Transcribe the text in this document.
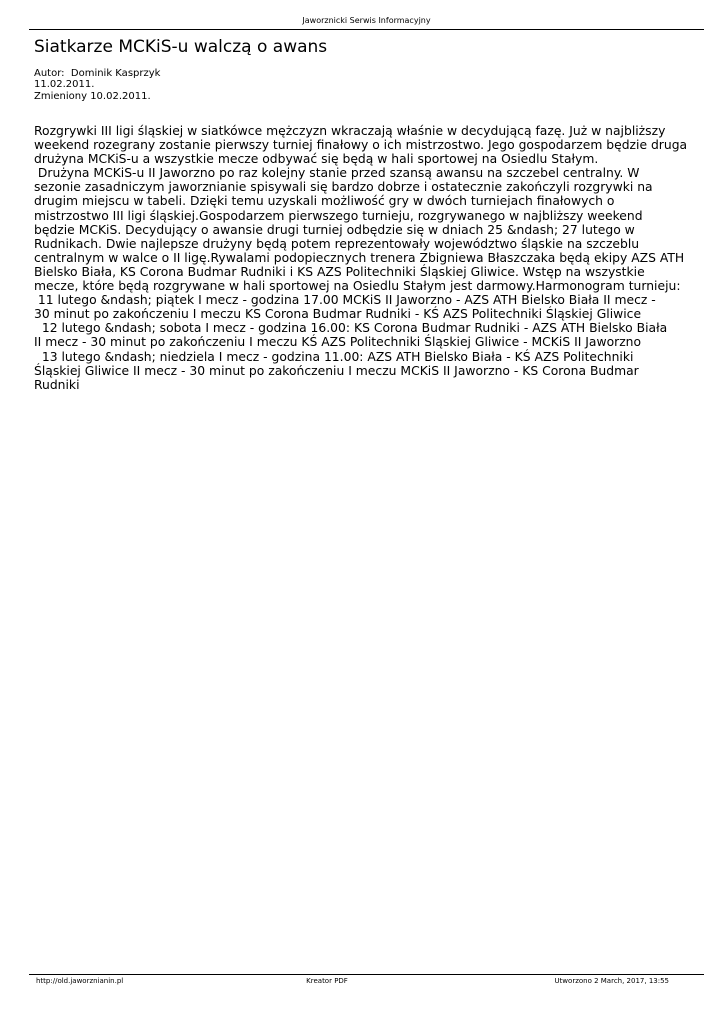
Jaworznicki Serwis Informacyjny
Siatkarze MCKiS-u walczą o awans
Autor:  Dominik Kasprzyk
11.02.2011.
Zmieniony 10.02.2011.
Rozgrywki III ligi śląskiej w siatkówce mężczyzn wkraczają właśnie w decydującą fazę. Już w najbliższy
weekend rozegrany zostanie pierwszy turniej finałowy o ich mistrzostwo. Jego gospodarzem będzie druga
drużyna MCKiS-u a wszystkie mecze odbywać się będą w hali sportowej na Osiedlu Stałym.
Drużyna MCKiS-u II Jaworzno po raz kolejny stanie przed szansą awansu na szczebel centralny. W
sezonie zasadniczym jaworznianie spisywali się bardzo dobrze i ostatecznie zakończyli rozgrywki na
drugim miejscu w tabeli. Dzięki temu uzyskali możliwość gry w dwóch turniejach finałowych o
mistrzostwo III ligi śląskiej.Gospodarzem pierwszego turnieju, rozgrywanego w najbliższy weekend
będzie MCKiS. Decydujący o awansie drugi turniej odbędzie się w dniach 25 &ndash; 27 lutego w
Rudnikach. Dwie najlepsze drużyny będą potem reprezentowały województwo śląskie na szczeblu
centralnym w walce o II ligę.Rywalami podopiecznych trenera Zbigniewa Błaszczaka będą ekipy AZS ATH
Bielsko Biała, KS Corona Budmar Rudniki i KS AZS Politechniki Śląskiej Gliwice. Wstęp na wszystkie
mecze, które będą rozgrywane w hali sportowej na Osiedlu Stałym jest darmowy.Harmonogram turnieju:
11 lutego &ndash; piątek I mecz - godzina 17.00 MCKiS II Jaworzno - AZS ATH Bielsko Biała II mecz -
30 minut po zakończeniu I meczu KS Corona Budmar Rudniki - KŚ AZS Politechniki Śląskiej Gliwice
12 lutego &ndash; sobota I mecz - godzina 16.00: KS Corona Budmar Rudniki - AZS ATH Bielsko Biała
II mecz - 30 minut po zakończeniu I meczu KŚ AZS Politechniki Śląskiej Gliwice - MCKiS II Jaworzno
13 lutego &ndash; niedziela I mecz - godzina 11.00: AZS ATH Bielsko Biała - KŚ AZS Politechniki
Śląskiej Gliwice II mecz - 30 minut po zakończeniu I meczu MCKiS II Jaworzno - KS Corona Budmar
Rudniki
http://old.jaworznianin.pl	Kreator PDF	Utworzono 2 March, 2017, 13:55
